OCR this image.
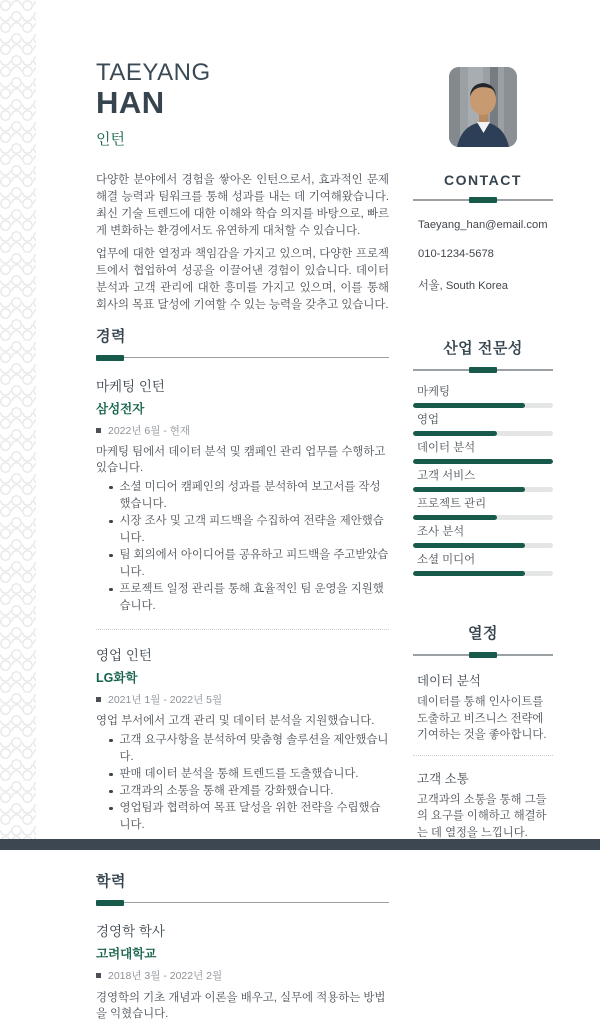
TAEYANG
HAN
인턴

다양한 분야에서 경험을 쌓아온 인턴으로서, 효과적인 문제 해결 능력과 팀워크를 통해 성과를 내는 데 기여해왔습니다. 최신 기술 트렌드에 대한 이해와 학습 의지를 바탕으로, 빠르게 변화하는 환경에서도 유연하게 대처할 수 있습니다.

업무에 대한 열정과 책임감을 가지고 있으며, 다양한 프로젝트에서 협업하여 성공을 이끌어낸 경험이 있습니다. 데이터 분석과 고객 관리에 대한 흥미를 가지고 있으며, 이를 통해 회사의 목표 달성에 기여할 수 있는 능력을 갖추고 있습니다.

경력
마케팅 인턴
삼성전자
2022년 6월 - 현재
마케팅 팀에서 데이터 분석 및 캠페인 관리 업무를 수행하고 있습니다.
소셜 미디어 캠페인의 성과를 분석하여 보고서를 작성했습니다.
시장 조사 및 고객 피드백을 수집하여 전략을 제안했습니다.
팀 회의에서 아이디어를 공유하고 피드백을 주고받았습니다.
프로젝트 일정 관리를 통해 효율적인 팀 운영을 지원했습니다.
영업 인턴
LG화학
2021년 1월 - 2022년 5월
영업 부서에서 고객 관리 및 데이터 분석을 지원했습니다.
고객 요구사항을 분석하여 맞춤형 솔루션을 제안했습니다.
판매 데이터 분석을 통해 트렌드를 도출했습니다.
고객과의 소통을 통해 관계를 강화했습니다.
영업팀과 협력하여 목표 달성을 위한 전략을 수립했습니다.
학력
경영학 학사
고려대학교
2018년 3월 - 2022년 2월
경영학의 기초 개념과 이론을 배우고, 실무에 적용하는 방법을 익혔습니다.
CONTACT
Taeyang_han@email.com
010-1234-5678
서울, South Korea
산업 전문성
마케팅
영업
데이터 분석
고객 서비스
프로젝트 관리
조사 분석
소셜 미디어
열정
데이터 분석
데이터를 통해 인사이트를 도출하고 비즈니스 전략에 기여하는 것을 좋아합니다.
고객 소통
고객과의 소통을 통해 그들의 요구를 이해하고 해결하는 데 열정을 느낍니다.
